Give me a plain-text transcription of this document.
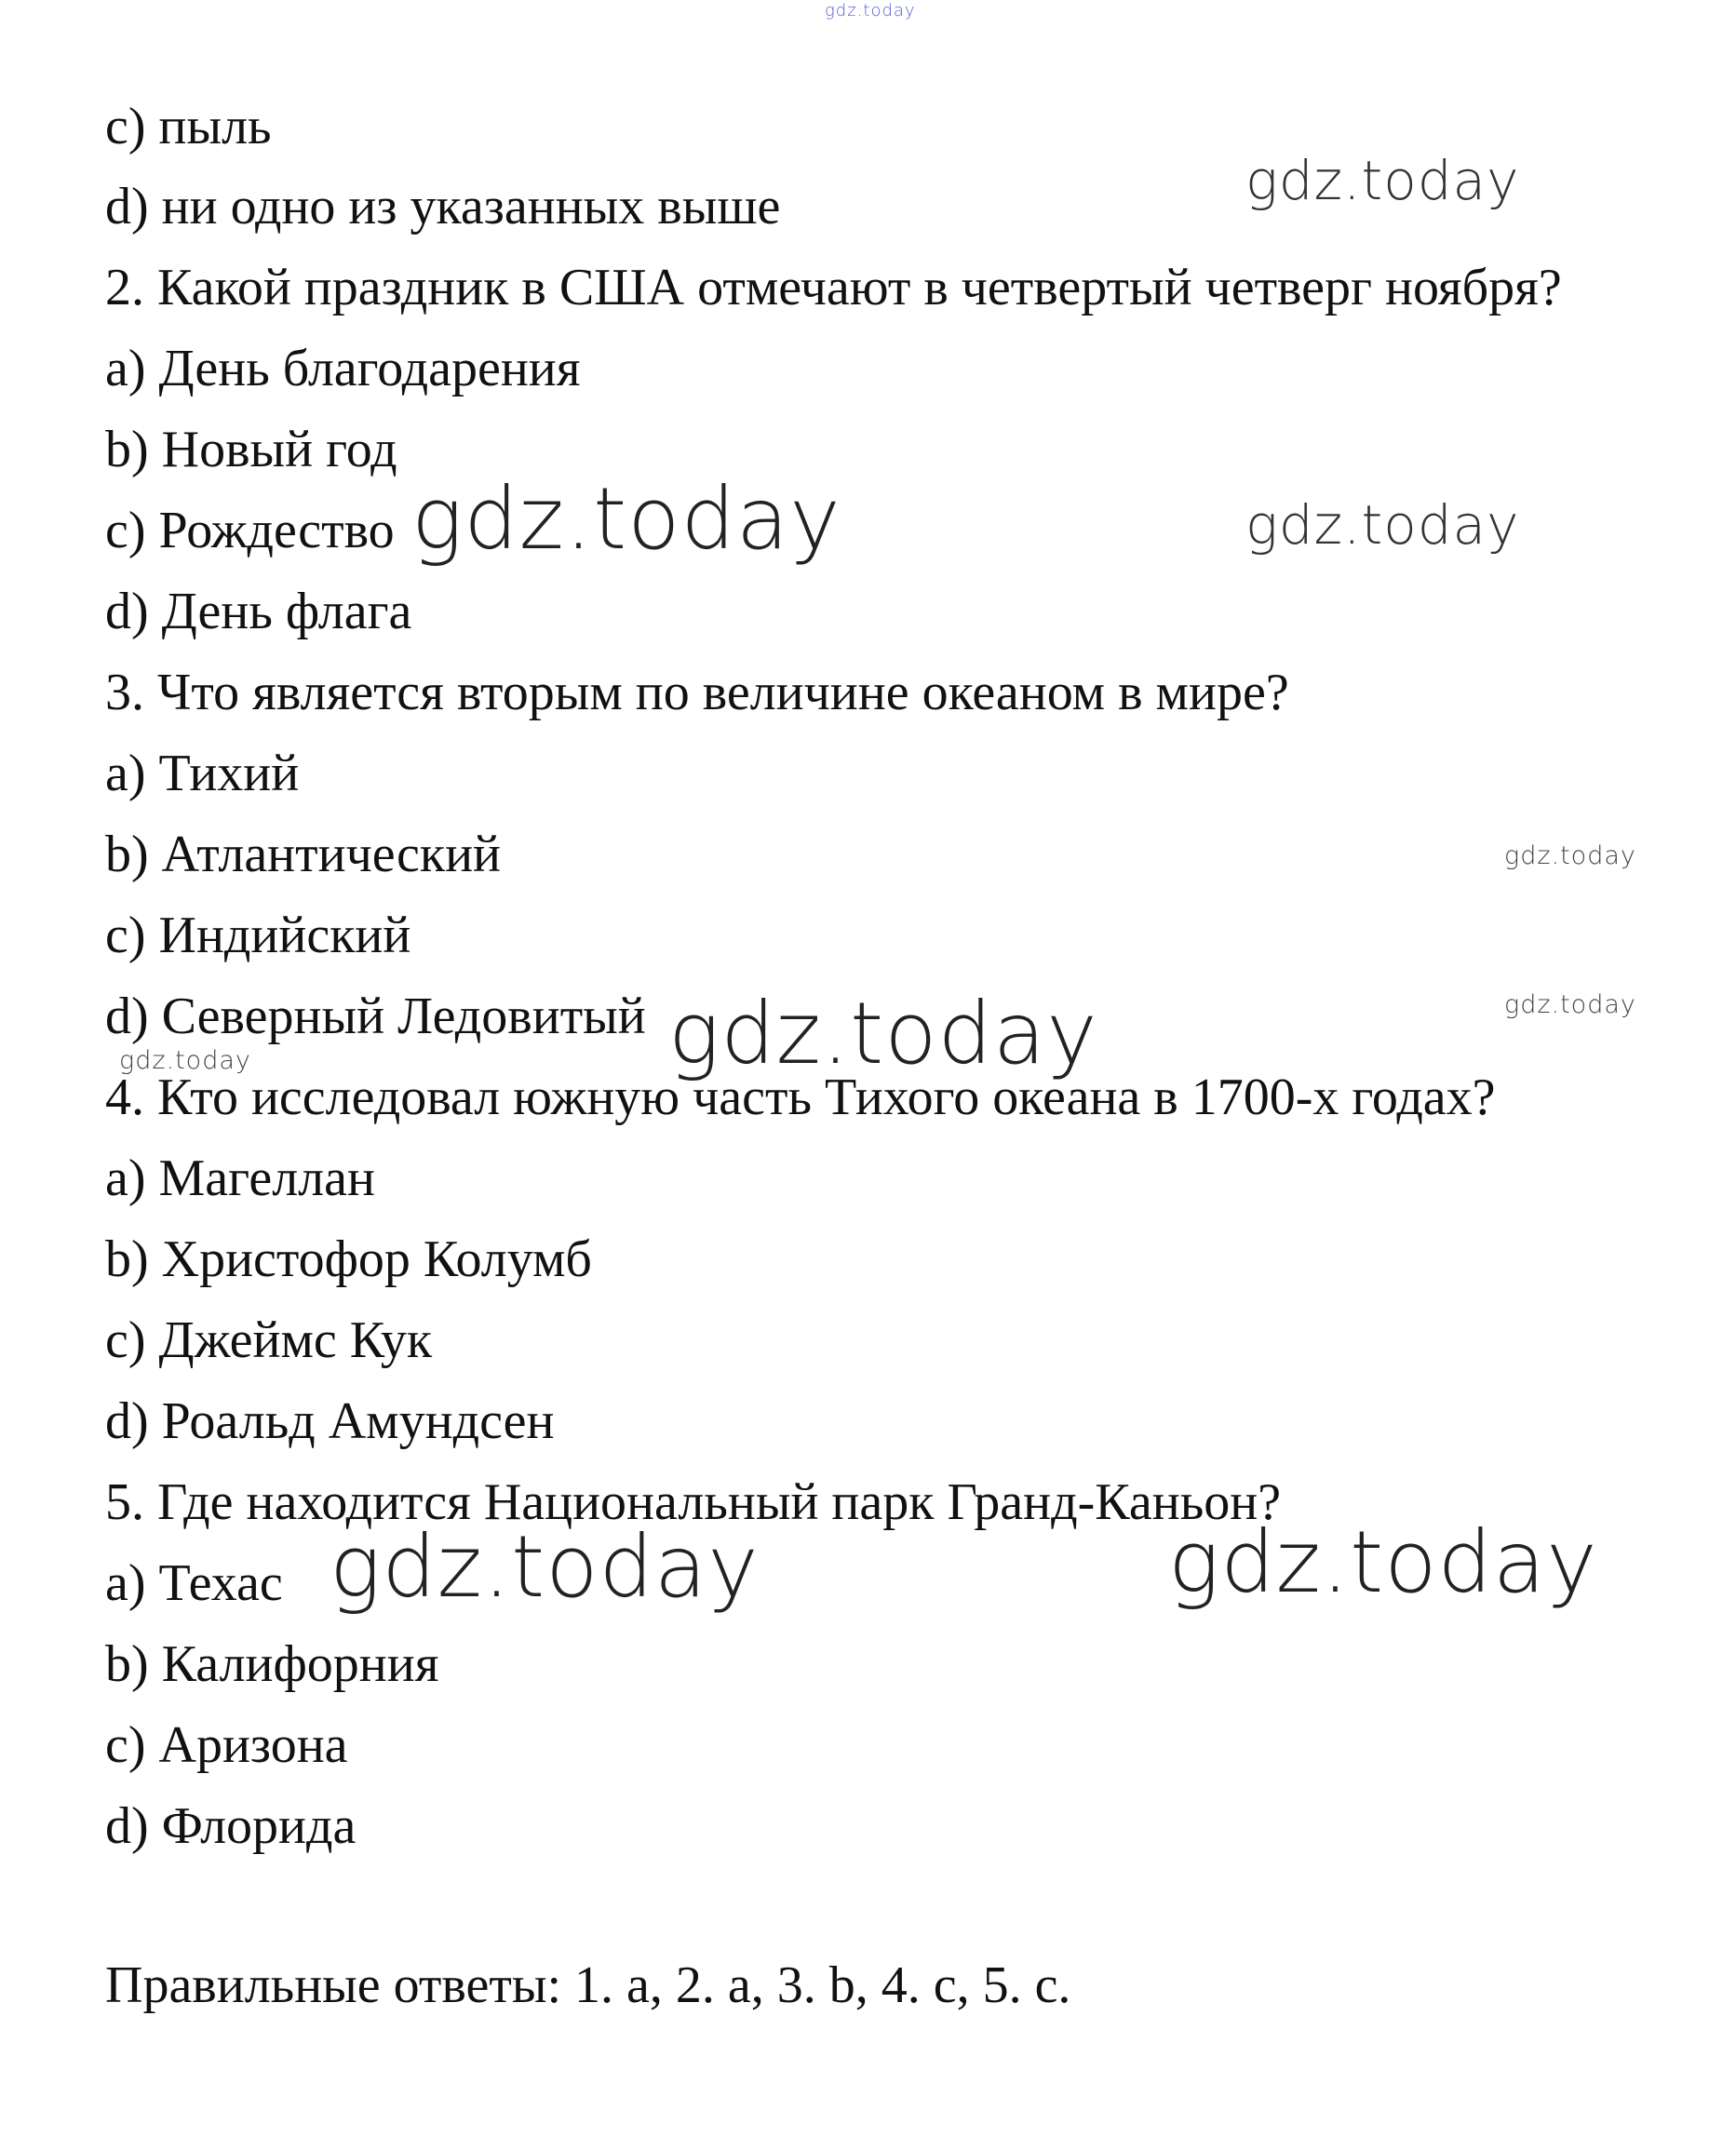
gdz.today
c) пыль
d) ни одно из указанных выше	gdz.today
2. Какой праздник в США отмечают в четвертый четверг ноября?
a) День благодарения
b) Новый год
c) Рождество gdz.today	gdz.today
d) День флага
3. Что является вторым по величине океаном в мире?
a) Тихий
b) Атлантический	gdz.today
c) Индийский
d) Северный Ледовитый gdz.today	gdz.today
gdz.today
4. Кто исследовал южную часть Тихого океана в 1700-х годах?
a) Магеллан
b) Христофор Колумб
c) Джеймс Кук
d) Роальд Амундсен
5. Где находится Национальный парк Гранд-Каньон?
a) Техас gdz.today	gdz.today
b) Калифорния
c) Аризона
d) Флорида
Правильные ответы: 1. a, 2. a, 3. b, 4. c, 5. c.
